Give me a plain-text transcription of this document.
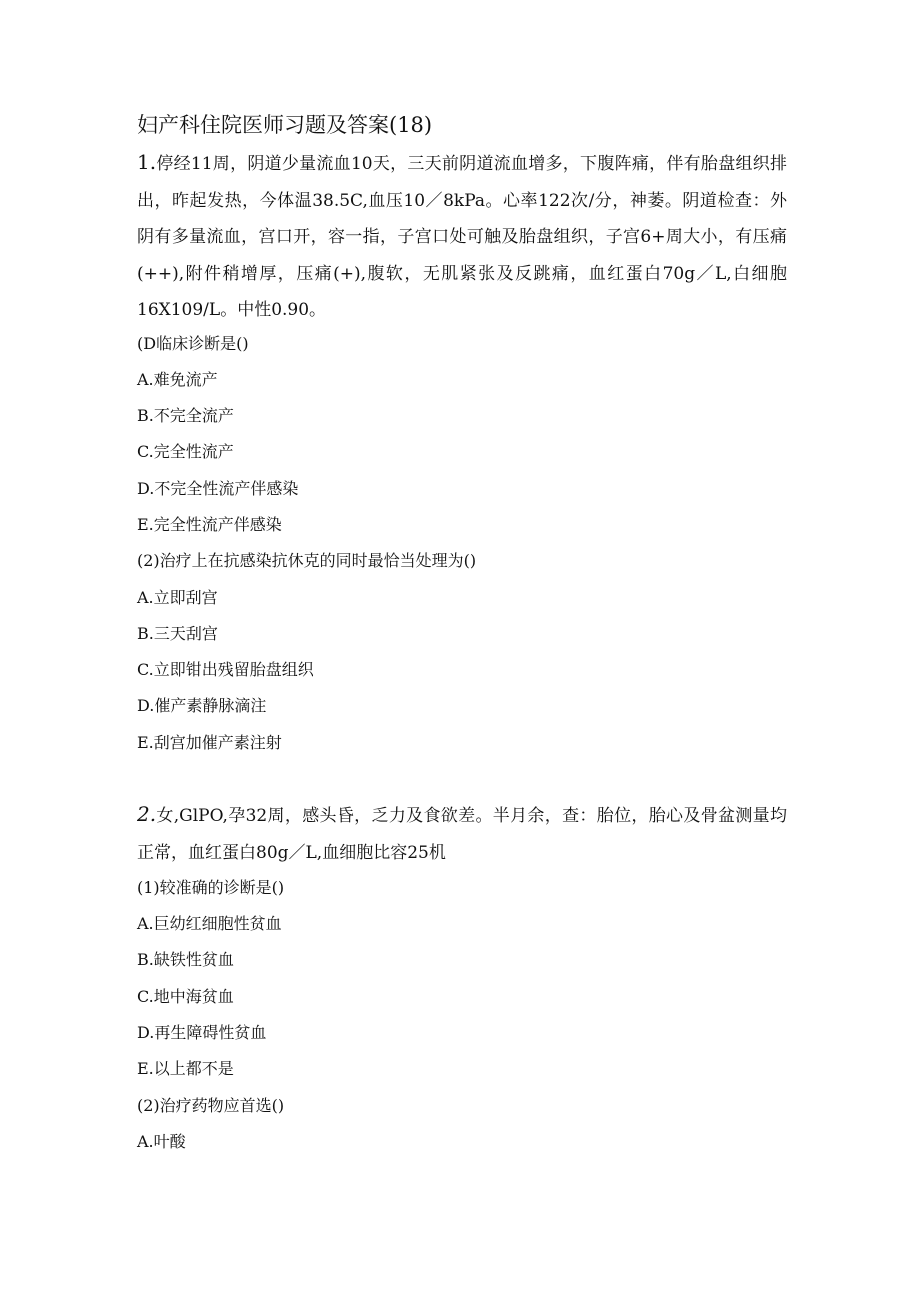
妇产科住院医师习题及答案(18)

1.停经11周，阴道少量流血10天，三天前阴道流血增多，下腹阵痛，伴有胎盘组织排出，昨起发热，今体温38.5C,血压10／8kPa。心率122次/分，神萎。阴道检查：外阴有多量流血，宫口开，容一指，子宫口处可触及胎盘组织，子宫6+周大小，有压痛(++),附件稍增厚，压痛(+),腹软，无肌紧张及反跳痛，血红蛋白70g／L,白细胞16X109/L。中性0.90。

(D临床诊断是()
A.难免流产
B.不完全流产
C.完全性流产
D.不完全性流产伴感染
E.完全性流产伴感染
(2)治疗上在抗感染抗休克的同时最恰当处理为()
A.立即刮宫
B.三天刮宫
C.立即钳出残留胎盘组织
D.催产素静脉滴注
E.刮宫加催产素注射

2.女,GlPO,孕32周，感头昏，乏力及食欲差。半月余，查：胎位，胎心及骨盆测量均正常，血红蛋白80g／L,血细胞比容25机

(1)较准确的诊断是()
A.巨幼红细胞性贫血
B.缺铁性贫血
C.地中海贫血
D.再生障碍性贫血
E.以上都不是
(2)治疗药物应首选()
A.叶酸
